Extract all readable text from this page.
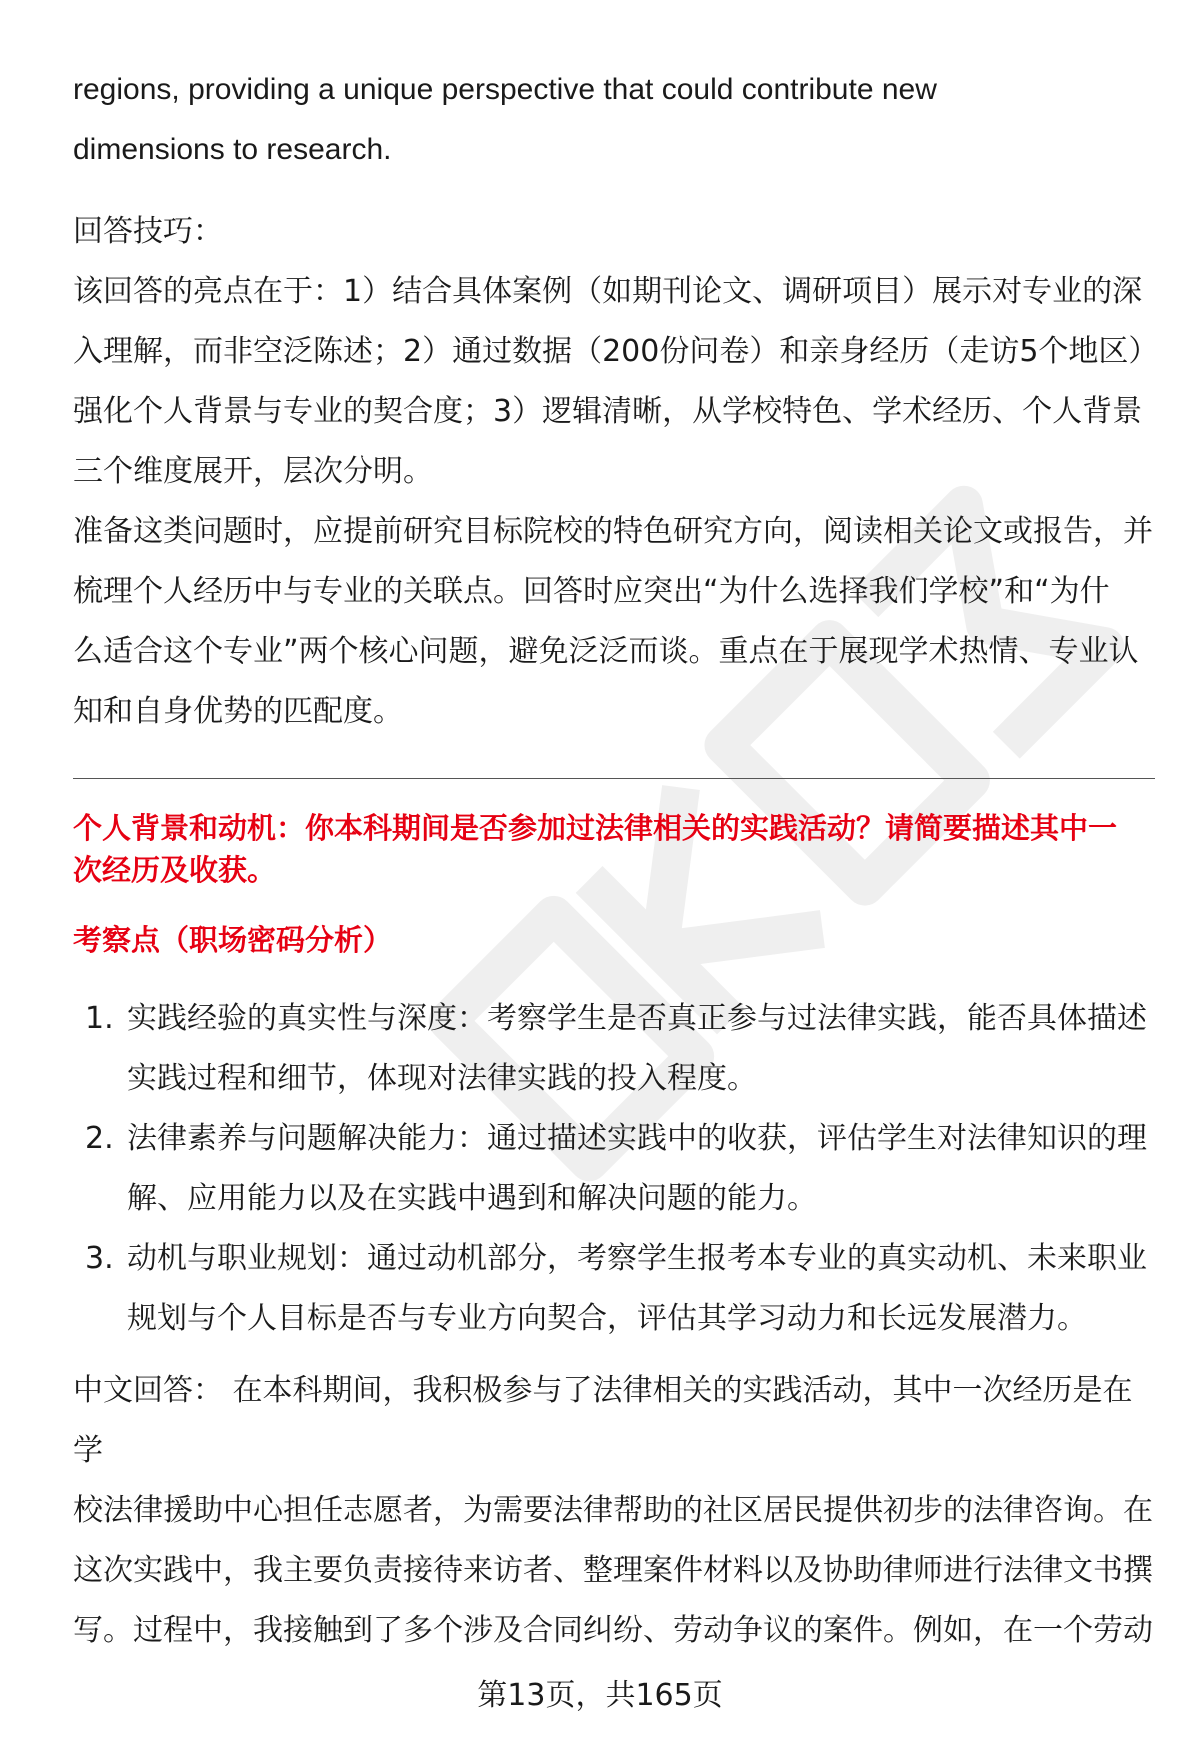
regions, providing a unique perspective that could contribute new

dimensions to research.

回答技巧：

该回答的亮点在于：1）结合具体案例（如期刊论文、调研项目）展示对专业的深

入理解，而非空泛陈述；2）通过数据（200份问卷）和亲身经历（走访5个地区）

强化个人背景与专业的契合度；3）逻辑清晰，从学校特色、学术经历、个人背景

三个维度展开，层次分明。

准备这类问题时，应提前研究目标院校的特色研究方向，阅读相关论文或报告，并

梳理个人经历中与专业的关联点。回答时应突出“为什么选择我们学校”和“为什

么适合这个专业”两个核心问题，避免泛泛而谈。重点在于展现学术热情、专业认

知和自身优势的匹配度。

个人背景和动机：你本科期间是否参加过法律相关的实践活动？请简要描述其中一

次经历及收获。

考察点（职场密码分析）

1. 实践经验的真实性与深度：考察学生是否真正参与过法律实践，能否具体描述
实践过程和细节，体现对法律实践的投入程度。
2. 法律素养与问题解决能力：通过描述实践中的收获，评估学生对法律知识的理
解、应用能力以及在实践中遇到和解决问题的能力。
3. 动机与职业规划：通过动机部分，考察学生报考本专业的真实动机、未来职业
规划与个人目标是否与专业方向契合，评估其学习动力和长远发展潜力。

中文回答： 在本科期间，我积极参与了法律相关的实践活动，其中一次经历是在学

校法律援助中心担任志愿者，为需要法律帮助的社区居民提供初步的法律咨询。在

这次实践中，我主要负责接待来访者、整理案件材料以及协助律师进行法律文书撰

写。过程中，我接触到了多个涉及合同纠纷、劳动争议的案件。例如，在一个劳动

第13页，共165页
